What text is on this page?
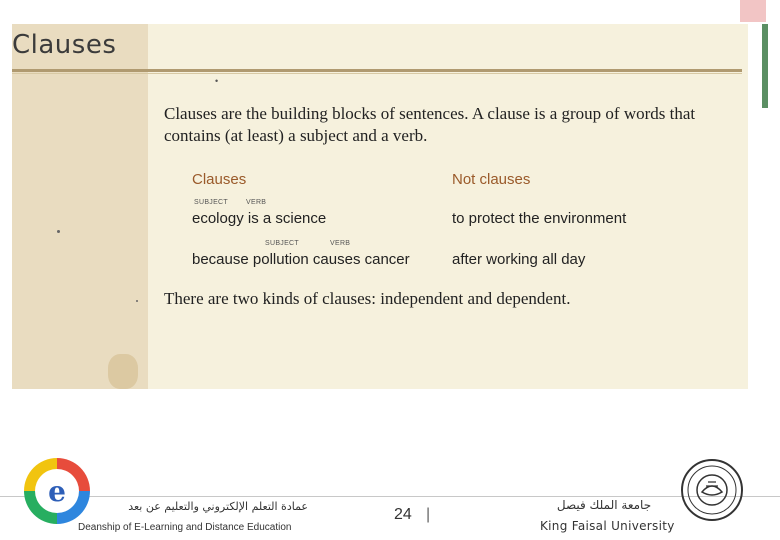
Clauses
•
Clauses are the building blocks of sentences. A clause is a group of words that contains (at least) a subject and a verb.
Clauses	Not clauses
SUBJECT	VERB
ecology is a science	to protect the environment
SUBJECT	VERB
because pollution causes cancer	after working all day
There are two kinds of clauses: independent and dependent.
e	عمادة التعلم الإلكتروني والتعليم عن بعد
Deanship of E-Learning and Distance Education
24 |
جامعة الملك فيصل
King Faisal University
